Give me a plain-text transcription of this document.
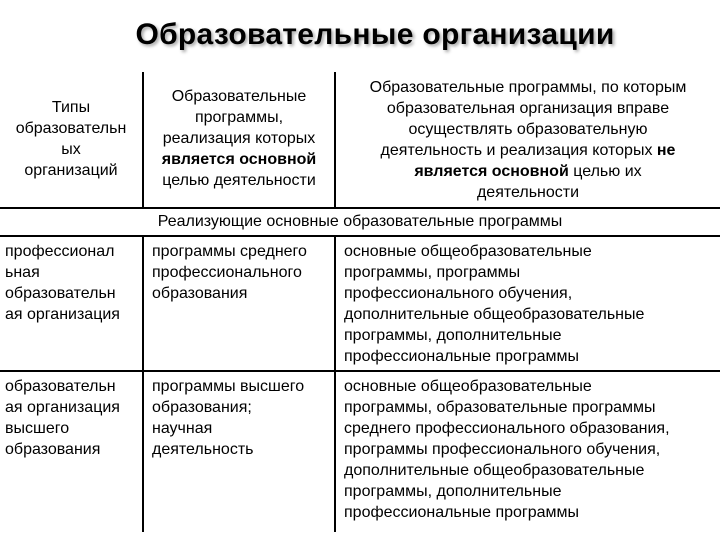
Образовательные организации
Типы
образовательн
ых
организаций
Образовательные
программы,
реализация которых
является основной
целью деятельности
Образовательные программы, по которым
образовательная организация вправе
осуществлять образовательную
деятельность и реализация которых не
является основной целью их
деятельности
Реализующие основные образовательные программы
профессионал
ьная
образовательн
ая организация
программы среднего
профессионального
образования
основные общеобразовательные
программы, программы
профессионального обучения,
дополнительные общеобразовательные
программы, дополнительные
профессиональные программы
образовательн
ая организация
высшего
образования
программы высшего
образования;
научная
деятельность
основные общеобразовательные
программы, образовательные программы
среднего профессионального образования,
программы профессионального обучения,
дополнительные общеобразовательные
программы, дополнительные
профессиональные программы
